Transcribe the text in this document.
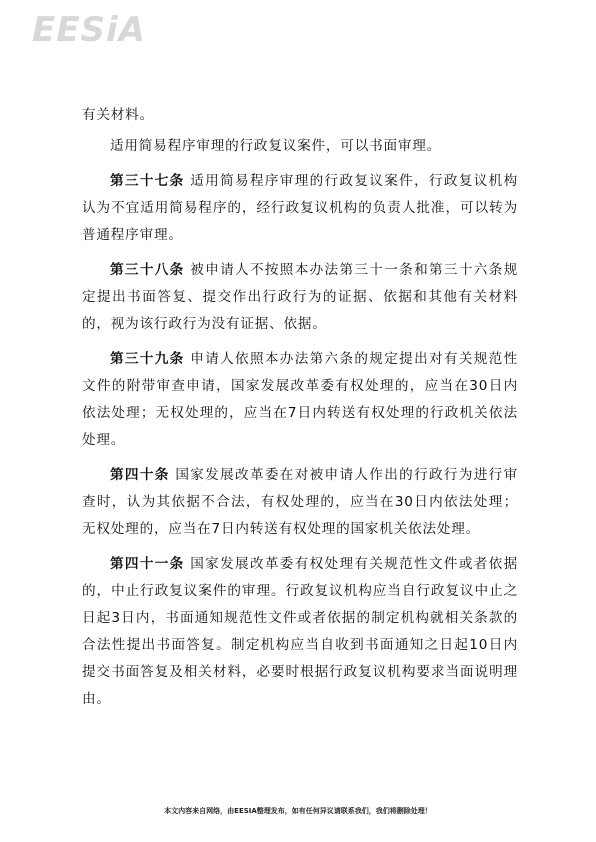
EESiA

有关材料。

适用简易程序审理的行政复议案件，可以书面审理。

第三十七条 适用简易程序审理的行政复议案件，行政复议机构认为不宜适用简易程序的，经行政复议机构的负责人批准，可以转为普通程序审理。

第三十八条 被申请人不按照本办法第三十一条和第三十六条规定提出书面答复、提交作出行政行为的证据、依据和其他有关材料的，视为该行政行为没有证据、依据。

第三十九条 申请人依照本办法第六条的规定提出对有关规范性文件的附带审查申请，国家发展改革委有权处理的，应当在30日内依法处理；无权处理的，应当在7日内转送有权处理的行政机关依法处理。

第四十条 国家发展改革委在对被申请人作出的行政行为进行审查时，认为其依据不合法，有权处理的，应当在30日内依法处理；无权处理的，应当在7日内转送有权处理的国家机关依法处理。

第四十一条 国家发展改革委有权处理有关规范性文件或者依据的，中止行政复议案件的审理。行政复议机构应当自行政复议中止之日起3日内，书面通知规范性文件或者依据的制定机构就相关条款的合法性提出书面答复。制定机构应当自收到书面通知之日起10日内提交书面答复及相关材料，必要时根据行政复议机构要求当面说明理由。

本文内容来自网络，由EESIA整理发布，如有任何异议请联系我们，我们将删除处理！
